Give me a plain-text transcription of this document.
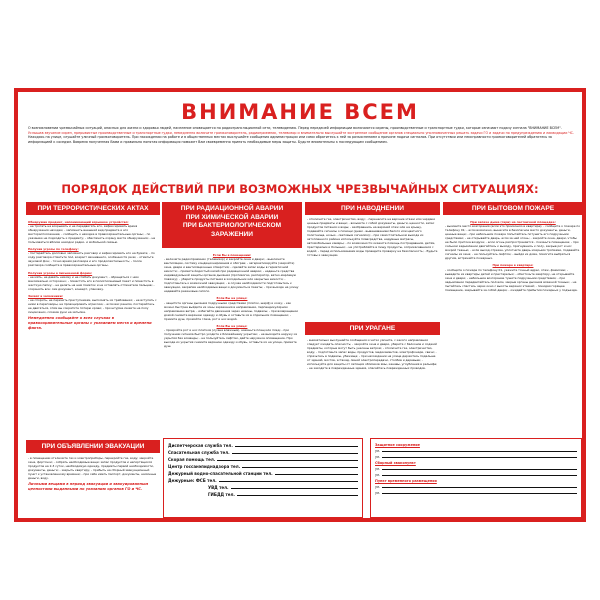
ВНИМАНИЕ ВСЕМ

О возникновении чрезвычайных ситуаций, опасных для жизни и здоровья людей, население оповещается по радиотрансляционной сети, телевидению. Перед передачей информации включаются сирены, производственные и транспортные гудки, которые означают подачу сигнала "ВНИМАНИЕ ВСЕМ".

Услышав звучание сирен, прерывистые производственные и транспортные гудки, немедленно включите громкоговоритель, радиоприемник, телевизор и внимательно выслушайте экстренное сообщение органов специально уполномоченных решать задачи ГО и задачи по предупреждению и ликвидации ЧС.

Находясь на улице, слушайте уличный громкоговоритель. При нахождении на работе и в общественных местах выслушайте сообщения администрации или сами обратитесь к ней за разъяснением о причине подачи сигналов. При отсутствии или неисправности громкоговорителей обратитесь за информацией к соседям. Вовремя полученная Вами и правильно понятая информация поможет Вам своевременно принять необходимые меры защиты. Будьте внимательны к последующим сообщениям.

ПОРЯДОК ДЕЙСТВИЙ ПРИ ВОЗМОЖНЫХ ЧРЕЗВЫЧАЙНЫХ СИТУАЦИЯХ:
ПРИ ТЕРРОРИСТИЧЕСКИХ АКТАХ
Обнаружив предмет, напоминающий взрывное устройство:
- не трогать не вскрывать и не передвигать его, зафиксировать время обнаружения находки; - запомнить внешний вид предмета и его месторасположение; - сообщить о находке в правоохранительные органы; - по указанию не подходить к предмету; - обеспечить охрану места обнаружения; - не пользоваться вблизи находки радио- и мобильной связью.
Получив угрозы по телефону:
- постарайтесь дословно запомнить разговор и зафиксировать его на бумаге; - по ходу разговора отметьте пол, возраст звонившего, особенности речи; - отметьте звуковой фон; - точно время разговора и его продолжительность; - после разговора сообщите в правоохранительные органы.
Получив угрозы в письменной форме:
- не мять, не давать никому и не сгибать документ; - обращаться с ним максимально осторожно; - поместить его в полиэтиленовый пакет и поместить в жесткую папку; - не делать на нем пометок и не оставлять отпечатков пальцев; - сохранить все: сам документ, конверт, упаковку.
Захват в заложники:
- не спорить, не перечить преступникам, выполнять их требования; - не вступать с ними в переговоры, не провоцировать агрессию; - если вас ранили, постарайтесь не двигаться, этим вы сократите потерю крови; - при штурме лежите на полу лицом вниз, сложив руки на затылке.
Немедленно сообщайте о всех случаях в правоохранительные органы с указанием места и времени факта.
ПРИ ОБЪЯВЛЕНИИ ЭВАКУАЦИИ
- в помещении отключите газ и электроприборы, перекройте газ, воду; закройте окна, форточки; - собрать необходимые вещи: запас продуктов и непортящихся продуктов на 2-3 суток, необходимую одежду, предметы первой необходимости, документы, деньги; - закрыть квартиру; - прибыть на сборный эвакуационный пункт к установленному времени; - при себе иметь паспорт, документы, наличные деньги, воду.
Личными вещами в период эвакуации и эвакуированным ценностями выданными по указанию органов ГО и ЧС.
ПРИ РАДИАЦИОННОЙ АВАРИИ
ПРИ ХИМИЧЕСКОЙ АВАРИИ
ПРИ БАКТЕРИОЛОГИЧЕСКОМ
ЗАРАЖЕНИИ
Если Вы в помещении:
- включите радиоприемник (телевизор) и закройте окна и двери; - выключите вентиляцию, систему кондиционирования и обогрев; - загерметизируйте (закройте) окна, двери и вентиляционные отверстия; - сделайте запас воды в герметичной емкости; - примите йодистый калий при радиационной аварии; - наденьте средства индивидуальной защиты органов дыхания (противогаз, респиратор, ватно-марлевую повязку); - уберите продукты питания в холодильник или закрытые емкости; - подготовьтесь к возможной эвакуации; - в случае необходимости подготовьтесь к эвакуации, закрепив необходимые вещи и документы в пакеты; - при выходе на улицу надевайте резиновые сапоги.
Если Вы на улице:
- защитите органы дыхания подручными средствами (платок, шарф) и кожу; - как можно быстрее выйдите из зоны заражения в направлении, перпендикулярном направлению ветра; - избегайте движения через низины, подвалы; - при возвращении домой снимите верхнюю одежду и обувь и оставьте их в отдельном помещении; - примите душ, промойте глаза, рот и нос водой.
Если Вы на улице:
- прикройте рот и нос платком (лучше влажным), накиньте плащ или плед; - при получении сигнала быстро уходите к ближайшему укрытию; - не выходите наружу из укрытия без команды; - не пользуйтесь лифтом, дайте наружное оповещение. При выходе из укрытия снимите верхнюю одежду и обувь, оставьте их на улице, примите душ.
ПРИ НАВОДНЕНИИ
- отключите газ, электричество, воду; - перенесите на верхние этажи или чердаки ценные предметы и вещи; - возьмите с собой документы, деньги, ценности, запас продуктов питания и воды; - взобравшись на верхний этаж или на крышу, подавайте сигналы о помощи (днем - вывешиванием белого или цветного полотнища, ночью - световым сигналом); - при самостоятельном выходе из затопленного района используйте плавсредства, надувные матрасы, автомобильные камеры; - по возможности окажите помощь пострадавшим, детям, престарелым и больным; - не употребляйте в пищу продукты, соприкасавшиеся с водой; - перед использованием воды проведите проверку на безопасность; - Будьте готовы к эвакуации.
ПРИ УРАГАНЕ
- внимательно выслушайте сообщения и четко уясните, с какого направления следует ожидать опасность; - закройте окна и двери, уберите с балконов и лоджий предметы, которые могут быть унесены ветром; - отключите газ, электричество, воду; - подготовьте запас воды, продуктов, медикаментов, электрофонари, свечи; - спрячьтесь в подвалы, убежища; - при нахождении на улице держитесь подальше от зданий, мостов, эстакад, линий электропередачи, столбов и деревьев; - используйте для защиты от летящих обломков ямы, канавы, углубления в рельефе; - не заходите в поврежденные здания, опасайтесь поврежденных проводов.
ПРИ БЫТОВОМ ПОЖАРЕ
При запахе дыма (гари) на лестничной площадке:
- вызовите место возгорания (если это произошло в квартире); - сообщите о пожаре по телефону 01; - если возможно, вынесите в безопасное место документы, деньги, ценные вещи; - при небольшом пожаре попытайтесь потушить его подручными средствами; - не открывайте дверь, если за ней огонь; - закройте окна, двери, чтобы не было притока воздуха; - если огонь распространяется - покиньте помещение; - при сильном задымлении двигайтесь к выходу, пригнувшись к полу, закрыв рот и нос мокрой тканью; - если выход отрезан, уплотните дверь мокрыми тряпками, подавайте сигналы из окна; - не пользуйтесь лифтом; - выйдя из дома, помогите выбраться другим, встречайте пожарных.
При пожаре в квартире:
- сообщите о пожаре по телефону 01, укажите точный адрес, этаж, фамилию; - выведите из квартиры детей и престарелых; - обесточьте квартиру, не открывайте окна и двери; - небольшое возгорание тушите подручными средствами; - при задымлении передвигайтесь ползком, закрыв органы дыхания влажной тканью; - не пытайтесь спастись через окно с высоты верхних этажей; - покидая горящее помещение, закрывайте за собой двери; - ожидайте прибытия пожарных у подъезда.
Диспетчерская служба тел.
Спасательная служба тел.
Скорая помощь тел.
Центр госсанэпиднадзора тел.
Дежурный водно-спасательной станции тел.
Дежурные:
ФСБ тел.
УВД тел.
ГИБДД тел.
Защитное сооружение
ул.
ул.
Сборный эвакопункт
ул.
ул.
Пункт временного размещения
ул.
ул.
